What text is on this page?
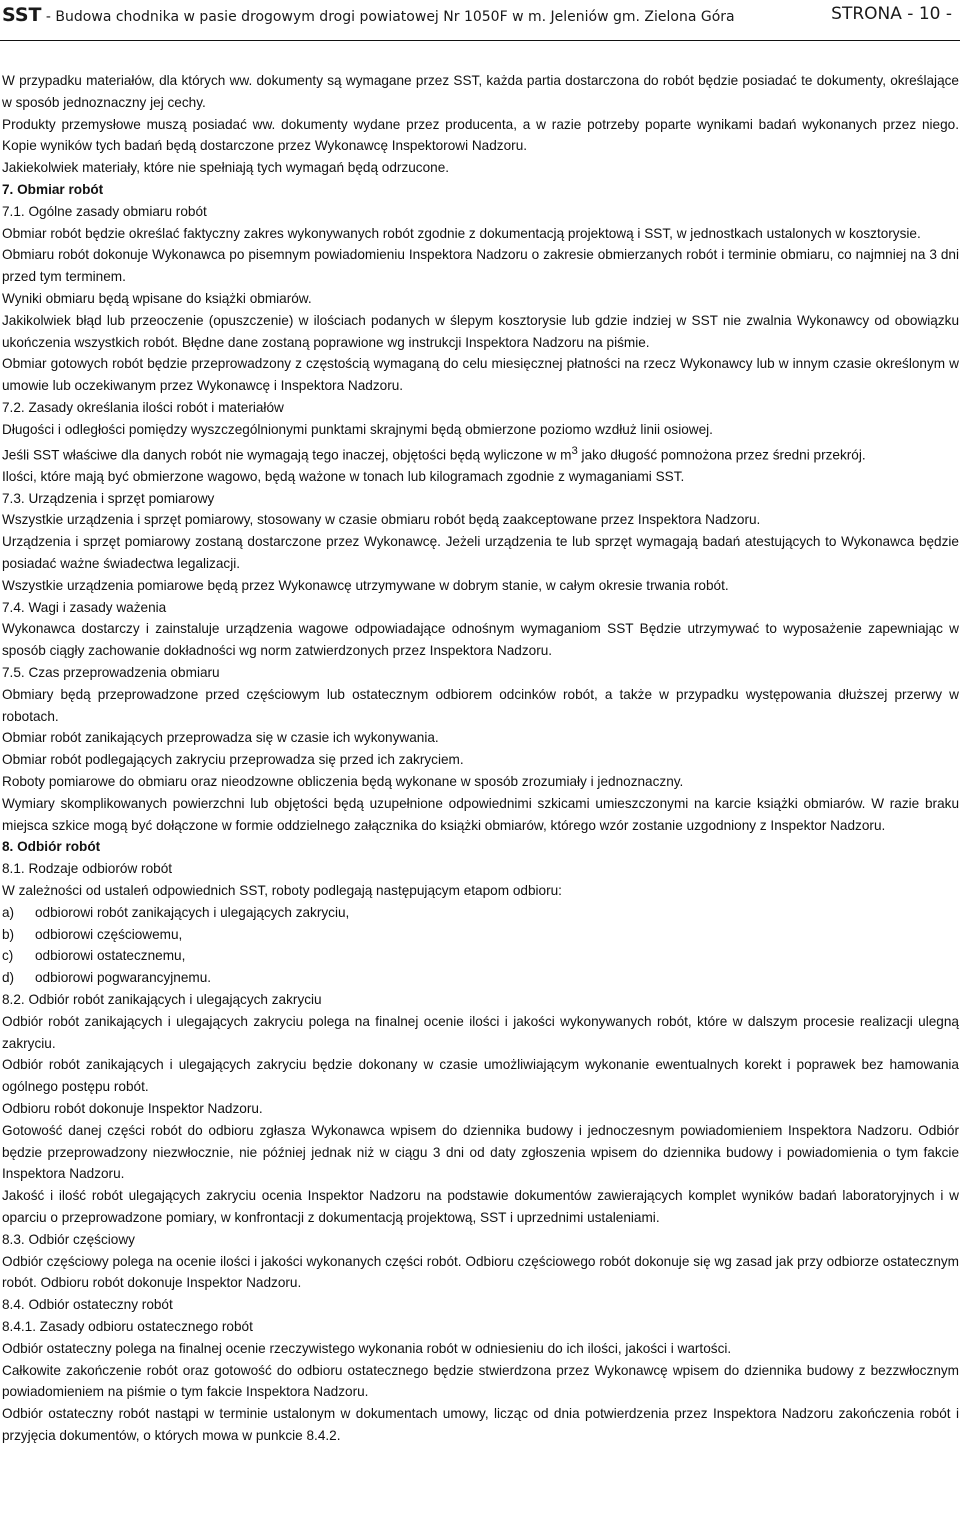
SST - Budowa chodnika w pasie drogowym drogi powiatowej Nr 1050F w m. Jeleniów gm. Zielona Góra	STRONA - 10 -

W przypadku materiałów, dla których ww. dokumenty są wymagane przez SST, każda partia dostarczona do robót będzie posiadać te dokumenty, określające w sposób jednoznaczny jej cechy.

Produkty przemysłowe muszą posiadać ww. dokumenty wydane przez producenta, a w razie potrzeby poparte wynikami badań wykonanych przez niego. Kopie wyników tych badań będą dostarczone przez Wykonawcę Inspektorowi Nadzoru.

Jakiekolwiek materiały, które nie spełniają tych wymagań będą odrzucone.

7. Obmiar robót

7.1. Ogólne zasady obmiaru robót

Obmiar robót będzie określać faktyczny zakres wykonywanych robót zgodnie z dokumentacją projektową i SST, w jednostkach ustalonych w kosztorysie.

Obmiaru robót dokonuje Wykonawca po pisemnym powiadomieniu Inspektora Nadzoru o zakresie obmierzanych robót i terminie obmiaru, co najmniej na 3 dni przed tym terminem.

Wyniki obmiaru będą wpisane do książki obmiarów.

Jakikolwiek błąd lub przeoczenie (opuszczenie) w ilościach podanych w ślepym kosztorysie lub gdzie indziej w SST nie zwalnia Wykonawcy od obowiązku ukończenia wszystkich robót. Błędne dane zostaną poprawione wg instrukcji Inspektora Nadzoru na piśmie.

Obmiar gotowych robót będzie przeprowadzony z częstością wymaganą do celu miesięcznej płatności na rzecz Wykonawcy lub w innym czasie określonym w umowie lub oczekiwanym przez Wykonawcę i Inspektora Nadzoru.

7.2. Zasady określania ilości robót i materiałów

Długości i odległości pomiędzy wyszczególnionymi punktami skrajnymi będą obmierzone poziomo wzdłuż linii osiowej.

Jeśli SST właściwe dla danych robót nie wymagają tego inaczej, objętości będą wyliczone w $m^3$ jako długość pomnożona przez średni przekrój.

Ilości, które mają być obmierzone wagowo, będą ważone w tonach lub kilogramach zgodnie z wymaganiami SST.

7.3. Urządzenia i sprzęt pomiarowy

Wszystkie urządzenia i sprzęt pomiarowy, stosowany w czasie obmiaru robót będą zaakceptowane przez Inspektora Nadzoru.

Urządzenia i sprzęt pomiarowy zostaną dostarczone przez Wykonawcę. Jeżeli urządzenia te lub sprzęt wymagają badań atestujących to Wykonawca będzie posiadać ważne świadectwa legalizacji.

Wszystkie urządzenia pomiarowe będą przez Wykonawcę utrzymywane w dobrym stanie, w całym okresie trwania robót.

7.4. Wagi i zasady ważenia

Wykonawca dostarczy i zainstaluje urządzenia wagowe odpowiadające odnośnym wymaganiom SST Będzie utrzymywać to wyposażenie zapewniając w sposób ciągły zachowanie dokładności wg norm zatwierdzonych przez Inspektora Nadzoru.

7.5. Czas przeprowadzenia obmiaru

Obmiary będą przeprowadzone przed częściowym lub ostatecznym odbiorem odcinków robót, a także w przypadku występowania dłuższej przerwy w robotach.

Obmiar robót zanikających przeprowadza się w czasie ich wykonywania.

Obmiar robót podlegających zakryciu przeprowadza się przed ich zakryciem.

Roboty pomiarowe do obmiaru oraz nieodzowne obliczenia będą wykonane w sposób zrozumiały i jednoznaczny.

Wymiary skomplikowanych powierzchni lub objętości będą uzupełnione odpowiednimi szkicami umieszczonymi na karcie książki obmiarów. W razie braku miejsca szkice mogą być dołączone w formie oddzielnego załącznika do książki obmiarów, którego wzór zostanie uzgodniony z Inspektor Nadzoru.

8. Odbiór robót

8.1. Rodzaje odbiorów robót

W zależności od ustaleń odpowiednich SST, roboty podlegają następującym etapom odbioru:

a)	odbiorowi robót zanikających i ulegających zakryciu,
b)	odbiorowi częściowemu,
c)	odbiorowi ostatecznemu,
d)	odbiorowi pogwarancyjnemu.

8.2. Odbiór robót zanikających i ulegających zakryciu

Odbiór robót zanikających i ulegających zakryciu polega na finalnej ocenie ilości i jakości wykonywanych robót, które w dalszym procesie realizacji ulegną zakryciu.

Odbiór robót zanikających i ulegających zakryciu będzie dokonany w czasie umożliwiającym wykonanie ewentualnych korekt i poprawek bez hamowania ogólnego postępu robót.

Odbioru robót dokonuje Inspektor Nadzoru.

Gotowość danej części robót do odbioru zgłasza Wykonawca wpisem do dziennika budowy i jednoczesnym powiadomieniem Inspektora Nadzoru. Odbiór będzie przeprowadzony niezwłocznie, nie później jednak niż w ciągu 3 dni od daty zgłoszenia wpisem do dziennika budowy i powiadomienia o tym fakcie Inspektora Nadzoru.

Jakość i ilość robót ulegających zakryciu ocenia Inspektor Nadzoru na podstawie dokumentów zawierających komplet wyników badań laboratoryjnych i w oparciu o przeprowadzone pomiary, w konfrontacji z dokumentacją projektową, SST i uprzednimi ustaleniami.

8.3. Odbiór częściowy

Odbiór częściowy polega na ocenie ilości i jakości wykonanych części robót. Odbioru częściowego robót dokonuje się wg zasad jak przy odbiorze ostatecznym robót. Odbioru robót dokonuje Inspektor Nadzoru.

8.4. Odbiór ostateczny robót

8.4.1. Zasady odbioru ostatecznego robót

Odbiór ostateczny polega na finalnej ocenie rzeczywistego wykonania robót w odniesieniu do ich ilości, jakości i wartości.

Całkowite zakończenie robót oraz gotowość do odbioru ostatecznego będzie stwierdzona przez Wykonawcę wpisem do dziennika budowy z bezzwłocznym powiadomieniem na piśmie o tym fakcie Inspektora Nadzoru.

Odbiór ostateczny robót nastąpi w terminie ustalonym w dokumentach umowy, licząc od dnia potwierdzenia przez Inspektora Nadzoru zakończenia robót i przyjęcia dokumentów, o których mowa w punkcie 8.4.2.
